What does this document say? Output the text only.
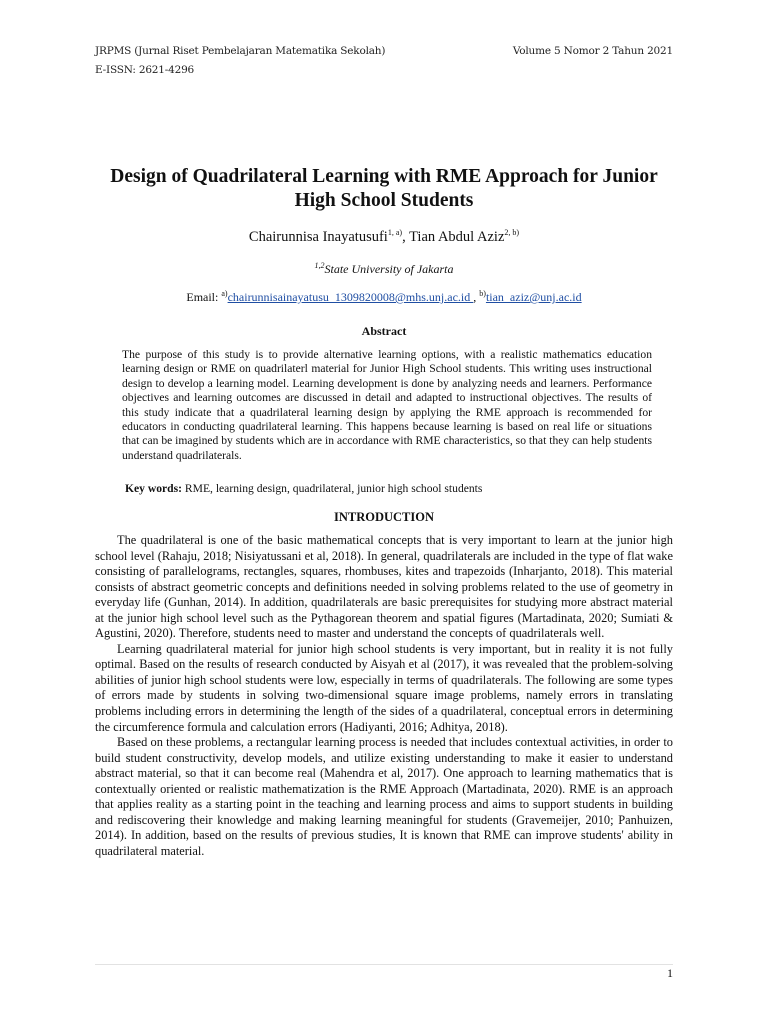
JRPMS (Jurnal Riset Pembelajaran Matematika Sekolah)	Volume 5 Nomor 2 Tahun 2021
E-ISSN: 2621-4296
Design of Quadrilateral Learning with RME Approach for Junior High School Students
Chairunnisa Inayatusufi$^{1, a)}$, Tian Abdul Aziz$^{2, b)}$
$^{1,2}$State University of Jakarta
Email: $^{a)}$chairunnisainayatusu_1309820008@mhs.unj.ac.id , $^{b)}$tian_aziz@unj.ac.id
Abstract
The purpose of this study is to provide alternative learning options, with a realistic mathematics education learning design or RME on quadrilaterl material for Junior High School students. This writing uses instructional design to develop a learning model. Learning development is done by analyzing needs and learners. Performance objectives and learning outcomes are discussed in detail and adapted to instructional objectives. The results of this study indicate that a quadrilateral learning design by applying the RME approach is recommended for educators in conducting quadrilateral learning. This happens because learning is based on real life or situations that can be imagined by students which are in accordance with RME characteristics, so that they can help students understand quadrilaterals.
Key words: RME, learning design, quadrilateral, junior high school students
INTRODUCTION

The quadrilateral is one of the basic mathematical concepts that is very important to learn at the junior high school level (Rahaju, 2018; Nisiyatussani et al, 2018). In general, quadrilaterals are included in the type of flat wake consisting of parallelograms, rectangles, squares, rhombuses, kites and trapezoids (Inharjanto, 2018). This material consists of abstract geometric concepts and definitions needed in solving problems related to the use of geometry in everyday life (Gunhan, 2014). In addition, quadrilaterals are basic prerequisites for studying more abstract material at the junior high school level such as the Pythagorean theorem and spatial figures (Martadinata, 2020; Sumiati & Agustini, 2020). Therefore, students need to master and understand the concepts of quadrilaterals well.

Learning quadrilateral material for junior high school students is very important, but in reality it is not fully optimal. Based on the results of research conducted by Aisyah et al (2017), it was revealed that the problem-solving abilities of junior high school students were low, especially in terms of quadrilaterals. The following are some types of errors made by students in solving two-dimensional square image problems, namely errors in translating problems including errors in determining the length of the sides of a quadrilateral, conceptual errors in determining the circumference formula and calculation errors (Hadiyanti, 2016; Adhitya, 2018).

Based on these problems, a rectangular learning process is needed that includes contextual activities, in order to build student constructivity, develop models, and utilize existing understanding to make it easier to understand abstract material, so that it can become real (Mahendra et al, 2017). One approach to learning mathematics that is contextually oriented or realistic mathematization is the RME Approach (Martadinata, 2020). RME is an approach that applies reality as a starting point in the teaching and learning process and aims to support students in building and rediscovering their knowledge and making learning meaningful for students (Gravemeijer, 2010; Panhuizen, 2014). In addition, based on the results of previous studies, It is known that RME can improve students' ability in quadrilateral material.

1
